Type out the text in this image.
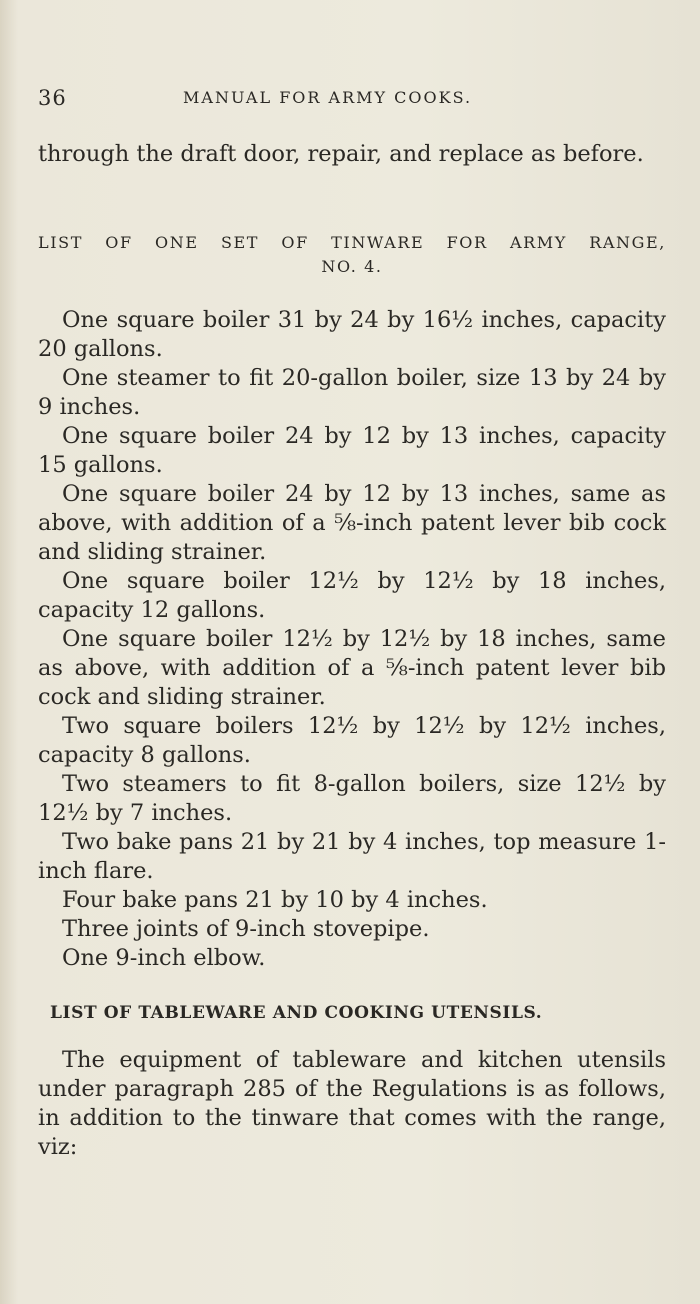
36	MANUAL FOR ARMY COOKS.

through the draft door, repair, and replace as before.

LIST OF ONE SET OF TINWARE FOR ARMY RANGE,
NO. 4.

One square boiler 31 by 24 by 16½ inches, capacity 20 gallons.

One steamer to fit 20-gallon boiler, size 13 by 24 by 9 inches.

One square boiler 24 by 12 by 13 inches, capacity 15 gallons.

One square boiler 24 by 12 by 13 inches, same as above, with addition of a ⅝-inch patent lever bib cock and sliding strainer.

One square boiler 12½ by 12½ by 18 inches, capacity 12 gallons.

One square boiler 12½ by 12½ by 18 inches, same as above, with addition of a ⅝-inch patent lever bib cock and sliding strainer.

Two square boilers 12½ by 12½ by 12½ inches, capacity 8 gallons.

Two steamers to fit 8-gallon boilers, size 12½ by 12½ by 7 inches.

Two bake pans 21 by 21 by 4 inches, top measure 1-inch flare.

Four bake pans 21 by 10 by 4 inches.

Three joints of 9-inch stovepipe.

One 9-inch elbow.

LIST OF TABLEWARE AND COOKING UTENSILS.

The equipment of tableware and kitchen utensils under paragraph 285 of the Regulations is as follows, in addition to the tinware that comes with the range, viz:
